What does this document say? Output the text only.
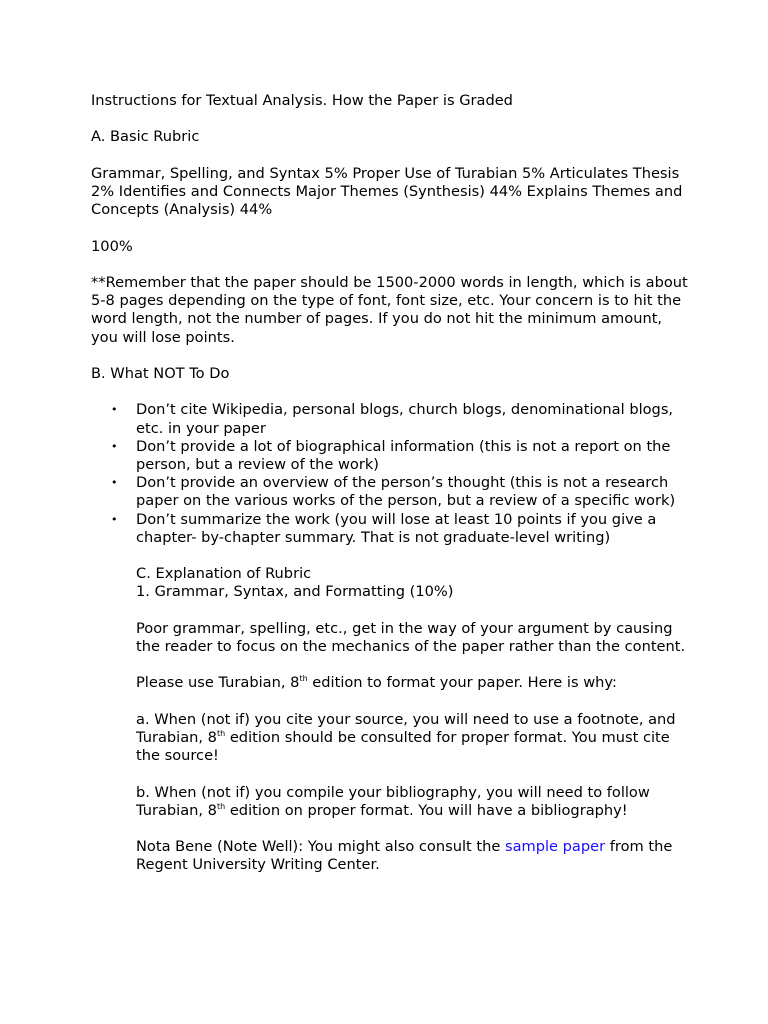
Instructions for Textual Analysis. How the Paper is Graded

A. Basic Rubric

Grammar, Spelling, and Syntax 5% Proper Use of Turabian 5% Articulates Thesis 2% Identifies and Connects Major Themes (Synthesis) 44% Explains Themes and Concepts (Analysis) 44%

100%

**Remember that the paper should be 1500-2000 words in length, which is about 5-8 pages depending on the type of font, font size, etc. Your concern is to hit the word length, not the number of pages. If you do not hit the minimum amount, you will lose points.

B. What NOT To Do

• Don’t cite Wikipedia, personal blogs, church blogs, denominational blogs, etc. in your paper
• Don’t provide a lot of biographical information (this is not a report on the person, but a review of the work)
• Don’t provide an overview of the person’s thought (this is not a research paper on the various works of the person, but a review of a specific work)
• Don’t summarize the work (you will lose at least 10 points if you give a chapter- by-chapter summary. That is not graduate-level writing)

C. Explanation of Rubric

1. Grammar, Syntax, and Formatting (10%)

Poor grammar, spelling, etc., get in the way of your argument by causing the reader to focus on the mechanics of the paper rather than the content.

Please use Turabian, 8th edition to format your paper. Here is why:

a. When (not if) you cite your source, you will need to use a footnote, and Turabian, 8th edition should be consulted for proper format. You must cite the source!

b. When (not if) you compile your bibliography, you will need to follow Turabian, 8th edition on proper format. You will have a bibliography!

Nota Bene (Note Well): You might also consult the sample paper from the Regent University Writing Center.
